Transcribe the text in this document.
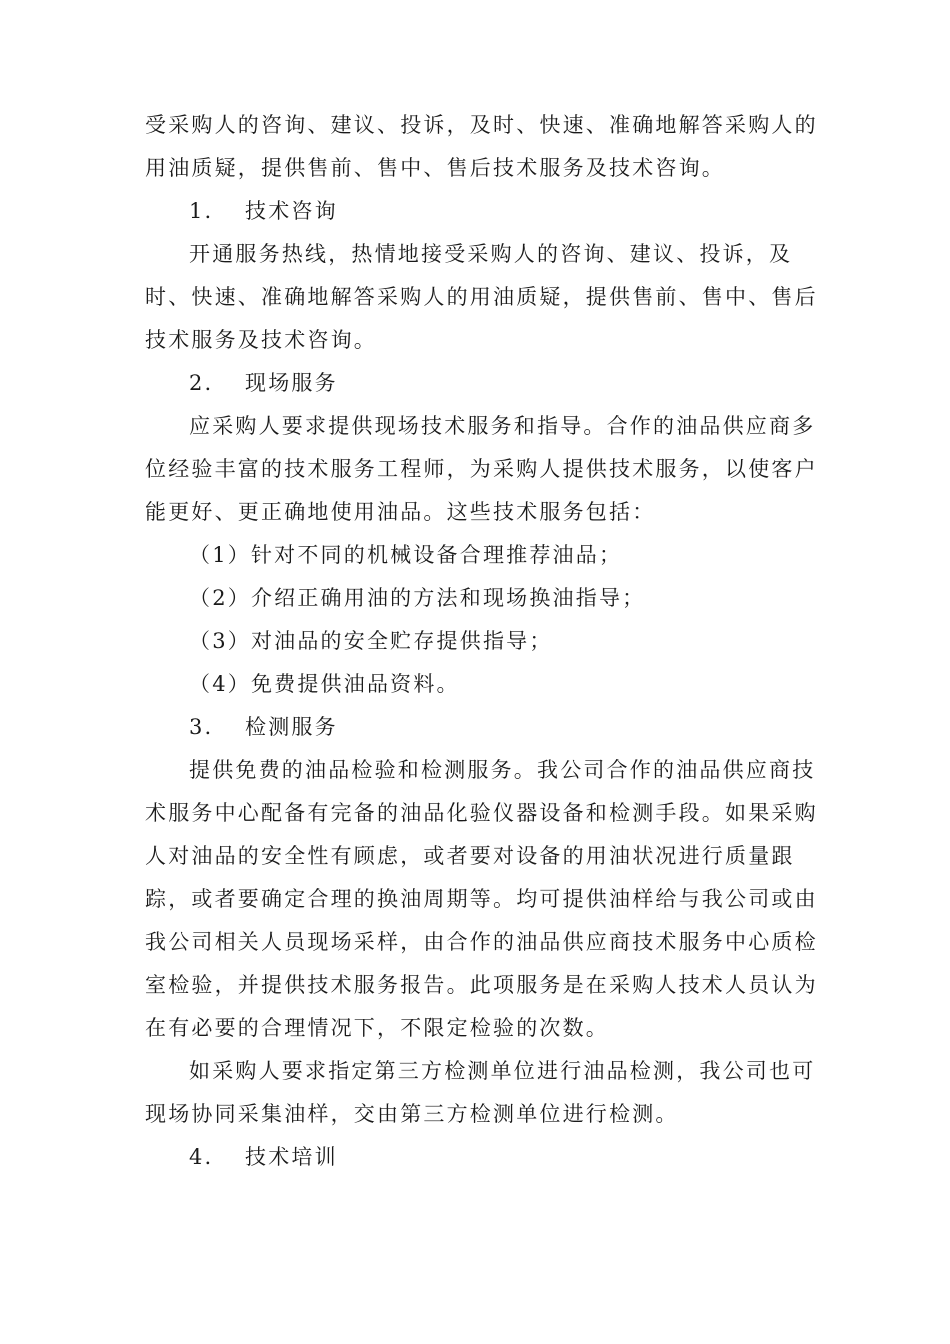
受采购人的咨询、建议、投诉，及时、快速、准确地解答采购人的
用油质疑，提供售前、售中、售后技术服务及技术咨询。
1. 技术咨询
开通服务热线，热情地接受采购人的咨询、建议、投诉，及
时、快速、准确地解答采购人的用油质疑，提供售前、售中、售后
技术服务及技术咨询。
2. 现场服务
应采购人要求提供现场技术服务和指导。合作的油品供应商多
位经验丰富的技术服务工程师，为采购人提供技术服务，以使客户
能更好、更正确地使用油品。这些技术服务包括：
（1）针对不同的机械设备合理推荐油品；
（2）介绍正确用油的方法和现场换油指导；
（3）对油品的安全贮存提供指导；
（4）免费提供油品资料。
3. 检测服务
提供免费的油品检验和检测服务。我公司合作的油品供应商技
术服务中心配备有完备的油品化验仪器设备和检测手段。如果采购
人对油品的安全性有顾虑，或者要对设备的用油状况进行质量跟
踪，或者要确定合理的换油周期等。均可提供油样给与我公司或由
我公司相关人员现场采样，由合作的油品供应商技术服务中心质检
室检验，并提供技术服务报告。此项服务是在采购人技术人员认为
在有必要的合理情况下，不限定检验的次数。
如采购人要求指定第三方检测单位进行油品检测，我公司也可
现场协同采集油样，交由第三方检测单位进行检测。
4. 技术培训
